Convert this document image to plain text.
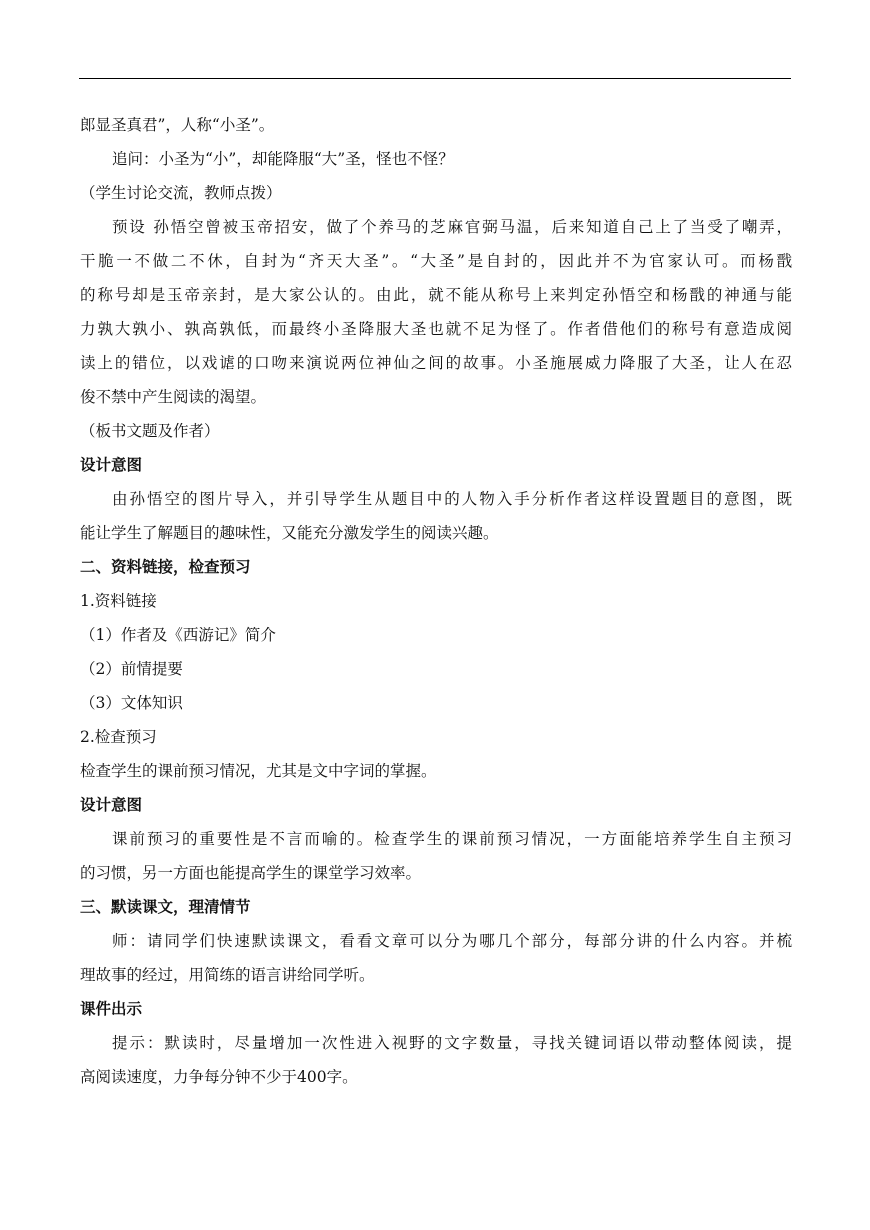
郎显圣真君”，人称“小圣”。
追问：小圣为“小”，却能降服“大”圣，怪也不怪？
（学生讨论交流，教师点拨）
预设 孙悟空曾被玉帝招安，做了个养马的芝麻官弼马温，后来知道自己上了当受了嘲弄，
干脆一不做二不休，自封为“齐天大圣”。“大圣”是自封的，因此并不为官家认可。而杨戬
的称号却是玉帝亲封，是大家公认的。由此，就不能从称号上来判定孙悟空和杨戬的神通与能
力孰大孰小、孰高孰低，而最终小圣降服大圣也就不足为怪了。作者借他们的称号有意造成阅
读上的错位，以戏谑的口吻来演说两位神仙之间的故事。小圣施展威力降服了大圣，让人在忍
俊不禁中产生阅读的渴望。
（板书文题及作者）
设计意图
由孙悟空的图片导入，并引导学生从题目中的人物入手分析作者这样设置题目的意图，既
能让学生了解题目的趣味性，又能充分激发学生的阅读兴趣。
二、资料链接，检查预习
1.资料链接
（1）作者及《西游记》简介
（2）前情提要
（3）文体知识
2.检查预习
检查学生的课前预习情况，尤其是文中字词的掌握。
设计意图
课前预习的重要性是不言而喻的。检查学生的课前预习情况，一方面能培养学生自主预习
的习惯，另一方面也能提高学生的课堂学习效率。
三、默读课文，理清情节
师：请同学们快速默读课文，看看文章可以分为哪几个部分，每部分讲的什么内容。并梳
理故事的经过，用简练的语言讲给同学听。
课件出示
提示：默读时，尽量增加一次性进入视野的文字数量，寻找关键词语以带动整体阅读，提
高阅读速度，力争每分钟不少于400字。
